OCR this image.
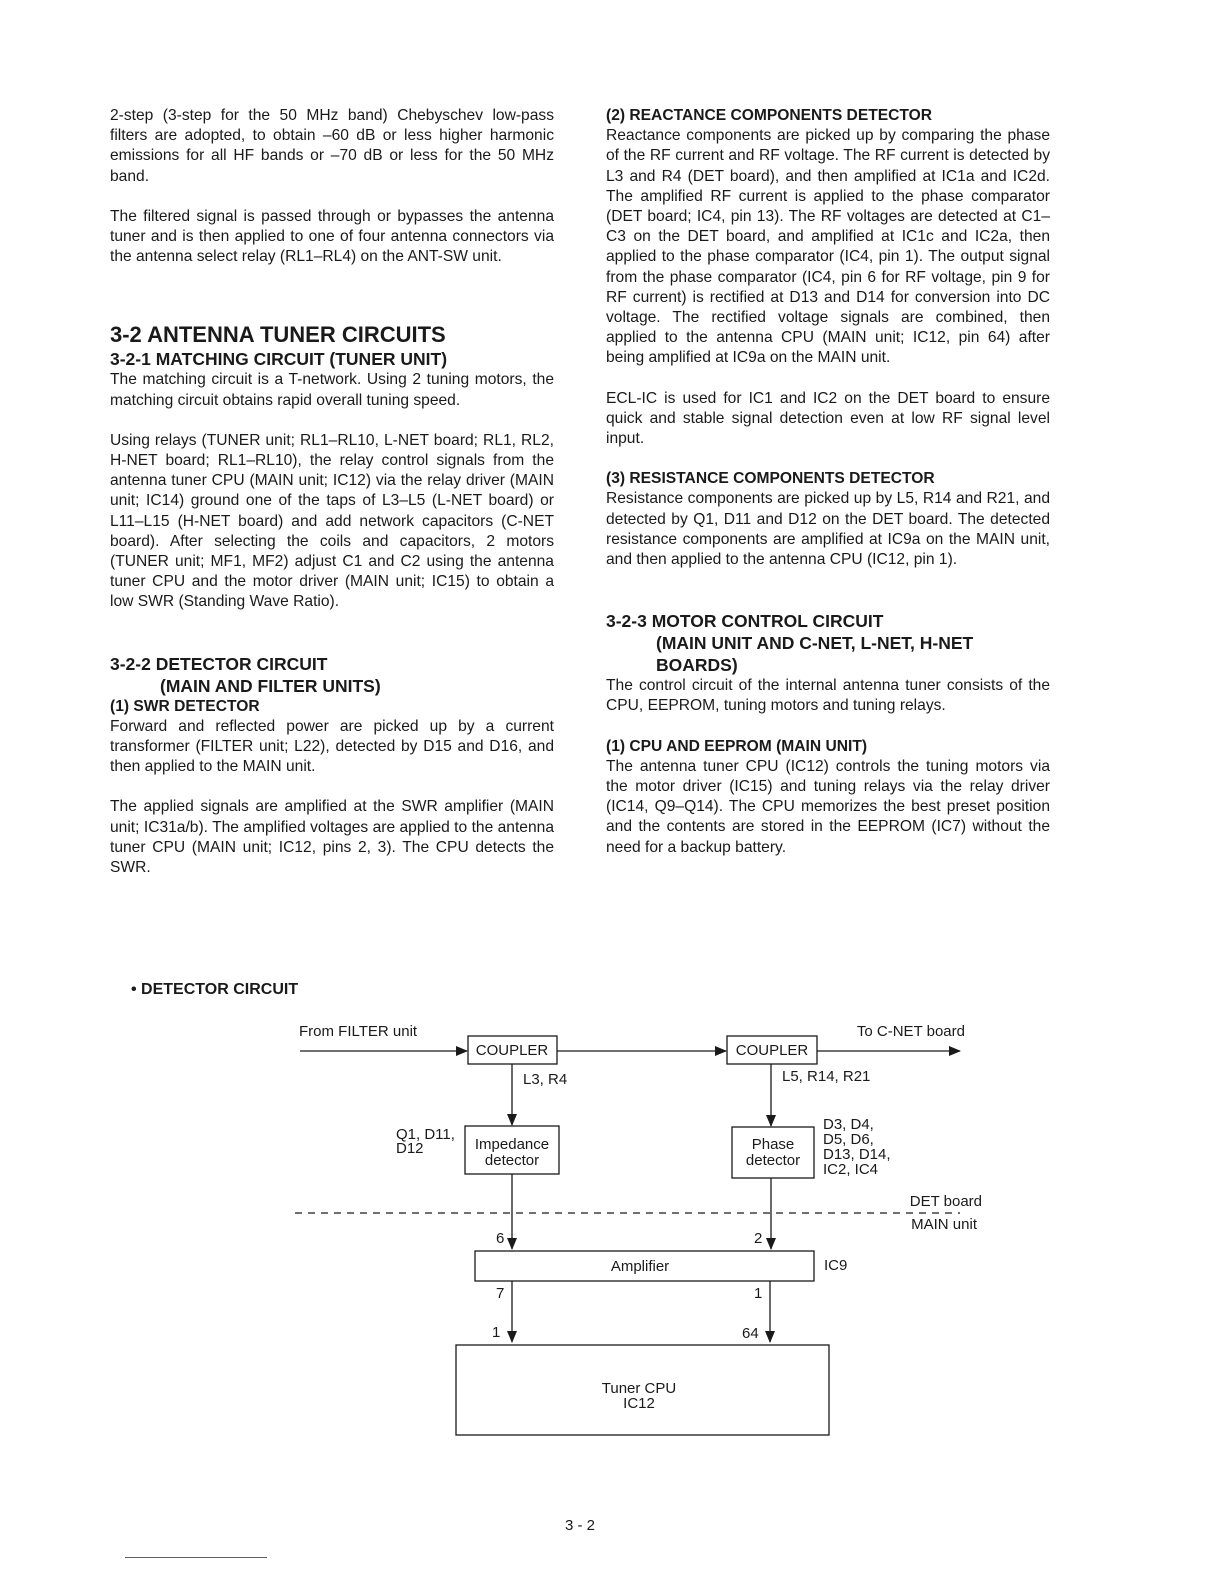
2-step (3-step for the 50 MHz band) Chebyschev low-pass filters are adopted, to obtain –60 dB or less higher harmonic emissions for all HF bands or –70 dB or less for the 50 MHz band.

The filtered signal is passed through or bypasses the antenna tuner and is then applied to one of four antenna connectors via the antenna select relay (RL1–RL4) on the ANT-SW unit.

3-2 ANTENNA TUNER CIRCUITS
3-2-1 MATCHING CIRCUIT (TUNER UNIT)

The matching circuit is a T-network. Using 2 tuning motors, the matching circuit obtains rapid overall tuning speed.

Using relays (TUNER unit; RL1–RL10, L-NET board; RL1, RL2, H-NET board; RL1–RL10), the relay control signals from the antenna tuner CPU (MAIN unit; IC12) via the relay driver (MAIN unit; IC14) ground one of the taps of L3–L5 (L-NET board) or L11–L15 (H-NET board) and add network capacitors (C-NET board). After selecting the coils and capacitors, 2 motors (TUNER unit; MF1, MF2) adjust C1 and C2 using the antenna tuner CPU and the motor driver (MAIN unit; IC15) to obtain a low SWR (Standing Wave Ratio).

3-2-2 DETECTOR CIRCUIT
(MAIN AND FILTER UNITS)
(1) SWR DETECTOR

Forward and reflected power are picked up by a current transformer (FILTER unit; L22), detected by D15 and D16, and then applied to the MAIN unit.

The applied signals are amplified at the SWR amplifier (MAIN unit; IC31a/b). The amplified voltages are applied to the antenna tuner CPU (MAIN unit; IC12, pins 2, 3). The CPU detects the SWR.

(2) REACTANCE COMPONENTS DETECTOR

Reactance components are picked up by comparing the phase of the RF current and RF voltage. The RF current is detected by L3 and R4 (DET board), and then amplified at IC1a and IC2d. The amplified RF current is applied to the phase comparator (DET board; IC4, pin 13). The RF voltages are detected at C1–C3 on the DET board, and amplified at IC1c and IC2a, then applied to the phase comparator (IC4, pin 1). The output signal from the phase comparator (IC4, pin 6 for RF voltage, pin 9 for RF current) is rectified at D13 and D14 for conversion into DC voltage. The rectified voltage signals are combined, then applied to the antenna CPU (MAIN unit; IC12, pin 64) after being amplified at IC9a on the MAIN unit.

ECL-IC is used for IC1 and IC2 on the DET board to ensure quick and stable signal detection even at low RF signal level input.

(3) RESISTANCE COMPONENTS DETECTOR

Resistance components are picked up by L5, R14 and R21, and detected by Q1, D11 and D12 on the DET board. The detected resistance components are amplified at IC9a on the MAIN unit, and then applied to the antenna CPU (IC12, pin 1).

3-2-3 MOTOR CONTROL CIRCUIT
(MAIN UNIT AND C-NET, L-NET, H-NET BOARDS)

The control circuit of the internal antenna tuner consists of the CPU, EEPROM, tuning motors and tuning relays.

(1) CPU AND EEPROM (MAIN UNIT)

The antenna tuner CPU (IC12) controls the tuning motors via the motor driver (IC15) and tuning relays via the relay driver (IC14, Q9–Q14). The CPU memorizes the best preset position and the contents are stored in the EEPROM (IC7) without the need for a backup battery.

• DETECTOR CIRCUIT
From FILTER unit	To C-NET board
COUPLER	COUPLER
L3, R4	L5, R14, R21
Q1, D11,
D12	Impedance
detector
Phase
detector
D3, D4,
D5, D6,
D13, D14,
IC2, IC4
DET board
MAIN unit
6	2
Amplifier	IC9
7	1
1	64
Tuner CPU
IC12
3 - 2
